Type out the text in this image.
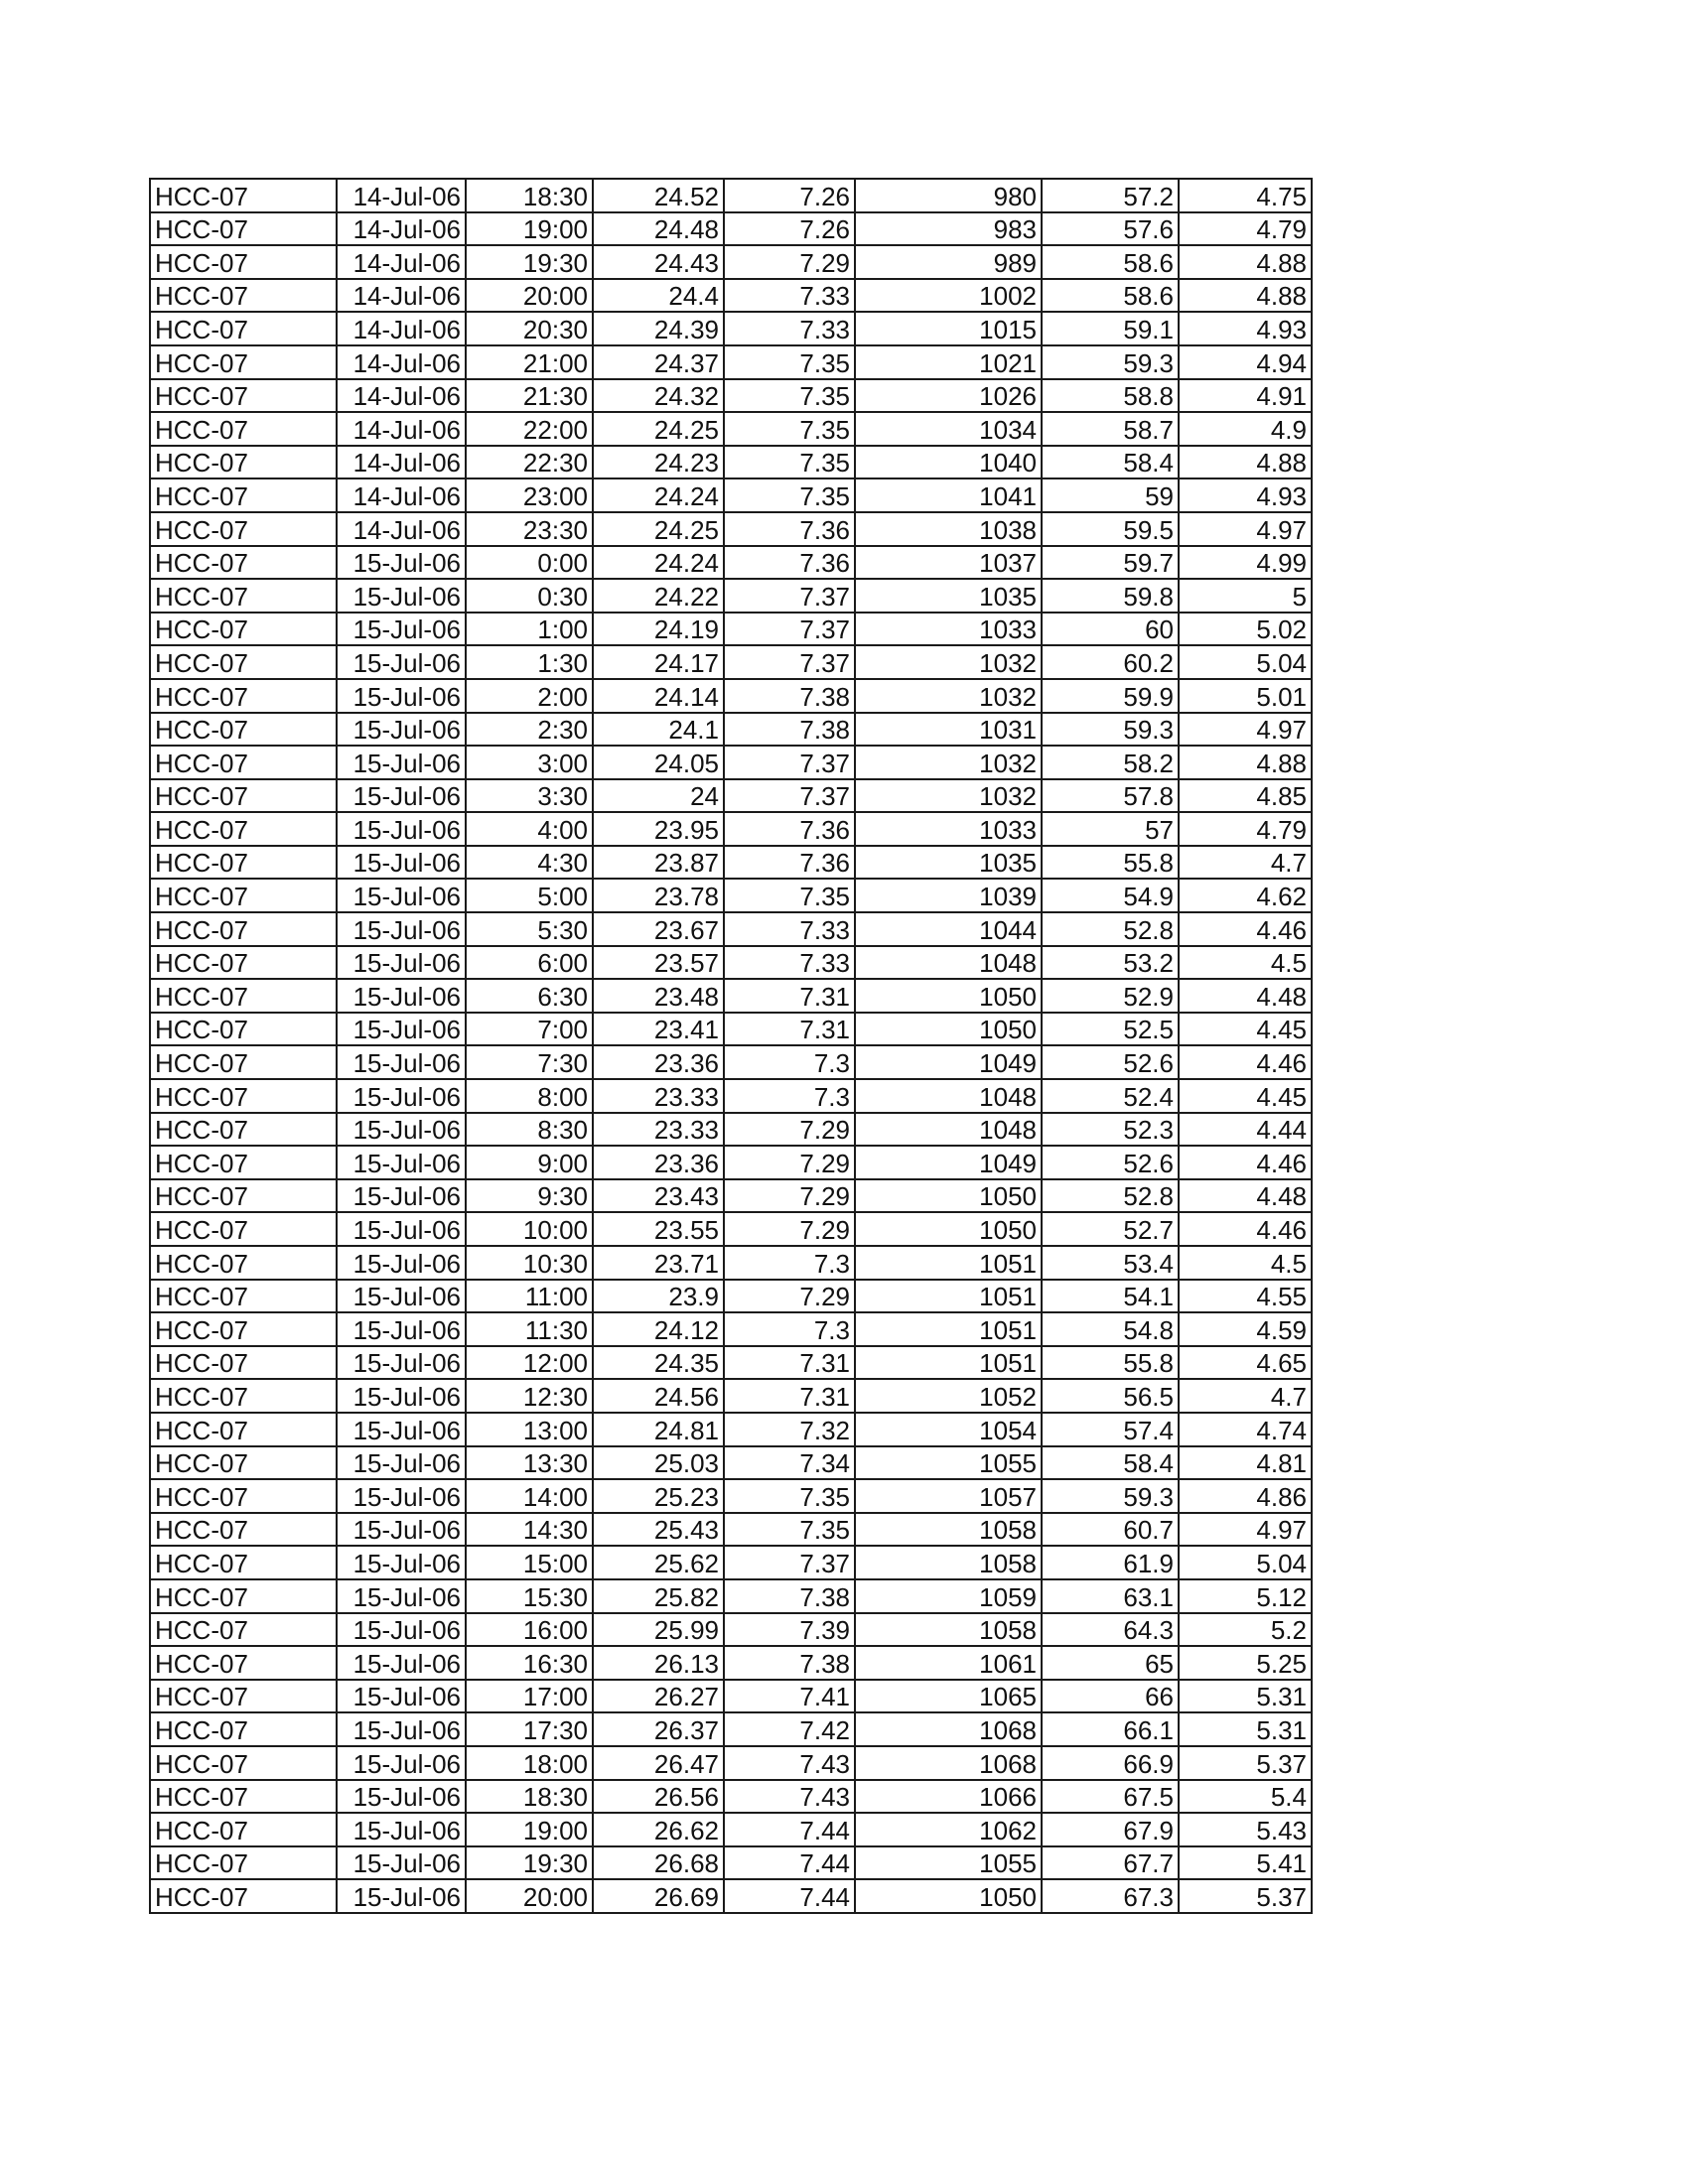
HCC-07	14-Jul-06	18:30	24.52	7.26	980	57.2	4.75
HCC-07	14-Jul-06	19:00	24.48	7.26	983	57.6	4.79
HCC-07	14-Jul-06	19:30	24.43	7.29	989	58.6	4.88
HCC-07	14-Jul-06	20:00	24.4	7.33	1002	58.6	4.88
HCC-07	14-Jul-06	20:30	24.39	7.33	1015	59.1	4.93
HCC-07	14-Jul-06	21:00	24.37	7.35	1021	59.3	4.94
HCC-07	14-Jul-06	21:30	24.32	7.35	1026	58.8	4.91
HCC-07	14-Jul-06	22:00	24.25	7.35	1034	58.7	4.9
HCC-07	14-Jul-06	22:30	24.23	7.35	1040	58.4	4.88
HCC-07	14-Jul-06	23:00	24.24	7.35	1041	59	4.93
HCC-07	14-Jul-06	23:30	24.25	7.36	1038	59.5	4.97
HCC-07	15-Jul-06	0:00	24.24	7.36	1037	59.7	4.99
HCC-07	15-Jul-06	0:30	24.22	7.37	1035	59.8	5
HCC-07	15-Jul-06	1:00	24.19	7.37	1033	60	5.02
HCC-07	15-Jul-06	1:30	24.17	7.37	1032	60.2	5.04
HCC-07	15-Jul-06	2:00	24.14	7.38	1032	59.9	5.01
HCC-07	15-Jul-06	2:30	24.1	7.38	1031	59.3	4.97
HCC-07	15-Jul-06	3:00	24.05	7.37	1032	58.2	4.88
HCC-07	15-Jul-06	3:30	24	7.37	1032	57.8	4.85
HCC-07	15-Jul-06	4:00	23.95	7.36	1033	57	4.79
HCC-07	15-Jul-06	4:30	23.87	7.36	1035	55.8	4.7
HCC-07	15-Jul-06	5:00	23.78	7.35	1039	54.9	4.62
HCC-07	15-Jul-06	5:30	23.67	7.33	1044	52.8	4.46
HCC-07	15-Jul-06	6:00	23.57	7.33	1048	53.2	4.5
HCC-07	15-Jul-06	6:30	23.48	7.31	1050	52.9	4.48
HCC-07	15-Jul-06	7:00	23.41	7.31	1050	52.5	4.45
HCC-07	15-Jul-06	7:30	23.36	7.3	1049	52.6	4.46
HCC-07	15-Jul-06	8:00	23.33	7.3	1048	52.4	4.45
HCC-07	15-Jul-06	8:30	23.33	7.29	1048	52.3	4.44
HCC-07	15-Jul-06	9:00	23.36	7.29	1049	52.6	4.46
HCC-07	15-Jul-06	9:30	23.43	7.29	1050	52.8	4.48
HCC-07	15-Jul-06	10:00	23.55	7.29	1050	52.7	4.46
HCC-07	15-Jul-06	10:30	23.71	7.3	1051	53.4	4.5
HCC-07	15-Jul-06	11:00	23.9	7.29	1051	54.1	4.55
HCC-07	15-Jul-06	11:30	24.12	7.3	1051	54.8	4.59
HCC-07	15-Jul-06	12:00	24.35	7.31	1051	55.8	4.65
HCC-07	15-Jul-06	12:30	24.56	7.31	1052	56.5	4.7
HCC-07	15-Jul-06	13:00	24.81	7.32	1054	57.4	4.74
HCC-07	15-Jul-06	13:30	25.03	7.34	1055	58.4	4.81
HCC-07	15-Jul-06	14:00	25.23	7.35	1057	59.3	4.86
HCC-07	15-Jul-06	14:30	25.43	7.35	1058	60.7	4.97
HCC-07	15-Jul-06	15:00	25.62	7.37	1058	61.9	5.04
HCC-07	15-Jul-06	15:30	25.82	7.38	1059	63.1	5.12
HCC-07	15-Jul-06	16:00	25.99	7.39	1058	64.3	5.2
HCC-07	15-Jul-06	16:30	26.13	7.38	1061	65	5.25
HCC-07	15-Jul-06	17:00	26.27	7.41	1065	66	5.31
HCC-07	15-Jul-06	17:30	26.37	7.42	1068	66.1	5.31
HCC-07	15-Jul-06	18:00	26.47	7.43	1068	66.9	5.37
HCC-07	15-Jul-06	18:30	26.56	7.43	1066	67.5	5.4
HCC-07	15-Jul-06	19:00	26.62	7.44	1062	67.9	5.43
HCC-07	15-Jul-06	19:30	26.68	7.44	1055	67.7	5.41
HCC-07	15-Jul-06	20:00	26.69	7.44	1050	67.3	5.37
